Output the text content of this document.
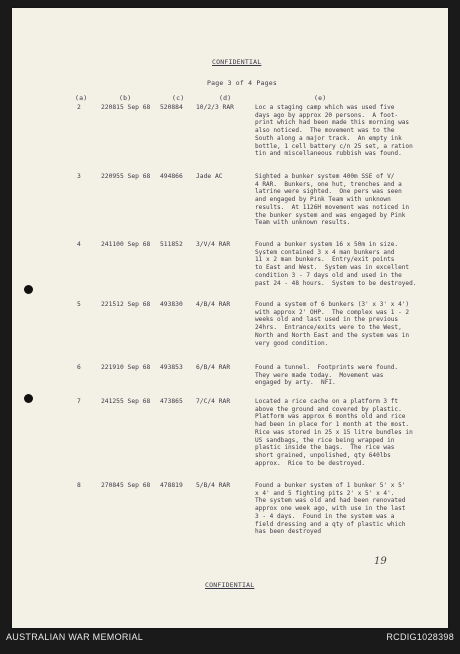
CONFIDENTIAL
Page 3 of 4 Pages
(a)	(b)	(c)	(d)	(e)
2	220815 Sep 68 520884 10/2/3 RAR	Loc a staging camp which was used five
days ago by approx 20 persons.  A foot-
print which had been made this morning was
also noticed.  The movement was to the
South along a major track.  An empty ink
bottle, 1 cell battery c/n 25 set, a ration
tin and miscellaneous rubbish was found.
3	220955 Sep 68 494866 Jade AC	Sighted a bunker system 400m SSE of V/
4 RAR.  Bunkers, one hut, trenches and a
latrine were sighted.  One pers was seen
and engaged by Pink Team with unknown
results.  At 1126H movement was noticed in
the bunker system and was engaged by Pink
Team with unknown results.
4	241100 Sep 68 511852 3/V/4 RAR	Found a bunker system 16 x 50m in size.
System contained 3 x 4 man bunkers and
11 x 2 man bunkers.  Entry/exit points
to East and West.  System was in excellent
condition 3 - 7 days old and used in the
past 24 - 48 hours.  System to be destroyed.
5	221512 Sep 68 493830 4/B/4 RAR	Found a system of 6 bunkers (3' x 3' x 4')
with approx 2' OHP.  The complex was 1 - 2
weeks old and last used in the previous
24hrs.  Entrance/exits were to the West,
North and North East and the system was in
very good condition.
6	221910 Sep 68 493853 6/B/4 RAR	Found a tunnel.  Footprints were found.
They were made today.  Movement was
engaged by arty.  NFI.
7	241255 Sep 68 473865 7/C/4 RAR	Located a rice cache on a platform 3 ft
above the ground and covered by plastic.
Platform was approx 6 months old and rice
had been in place for 1 month at the most.
Rice was stored in 25 x 15 litre bundles in
US sandbags, the rice being wrapped in
plastic inside the bags.  The rice was
short grained, unpolished, qty 640lbs
approx.  Rice to be destroyed.
8	270845 Sep 68 478819 5/B/4 RAR	Found a bunker system of 1 bunker 5' x 5'
x 4' and 5 fighting pits 2' x 5' x 4'.
The system was old and had been renovated
approx one week ago, with use in the last
3 - 4 days.  Found in the system was a
field dressing and a qty of plastic which
has been destroyed
19
CONFIDENTIAL
AUSTRALIAN WAR MEMORIAL	RCDIG1028398
